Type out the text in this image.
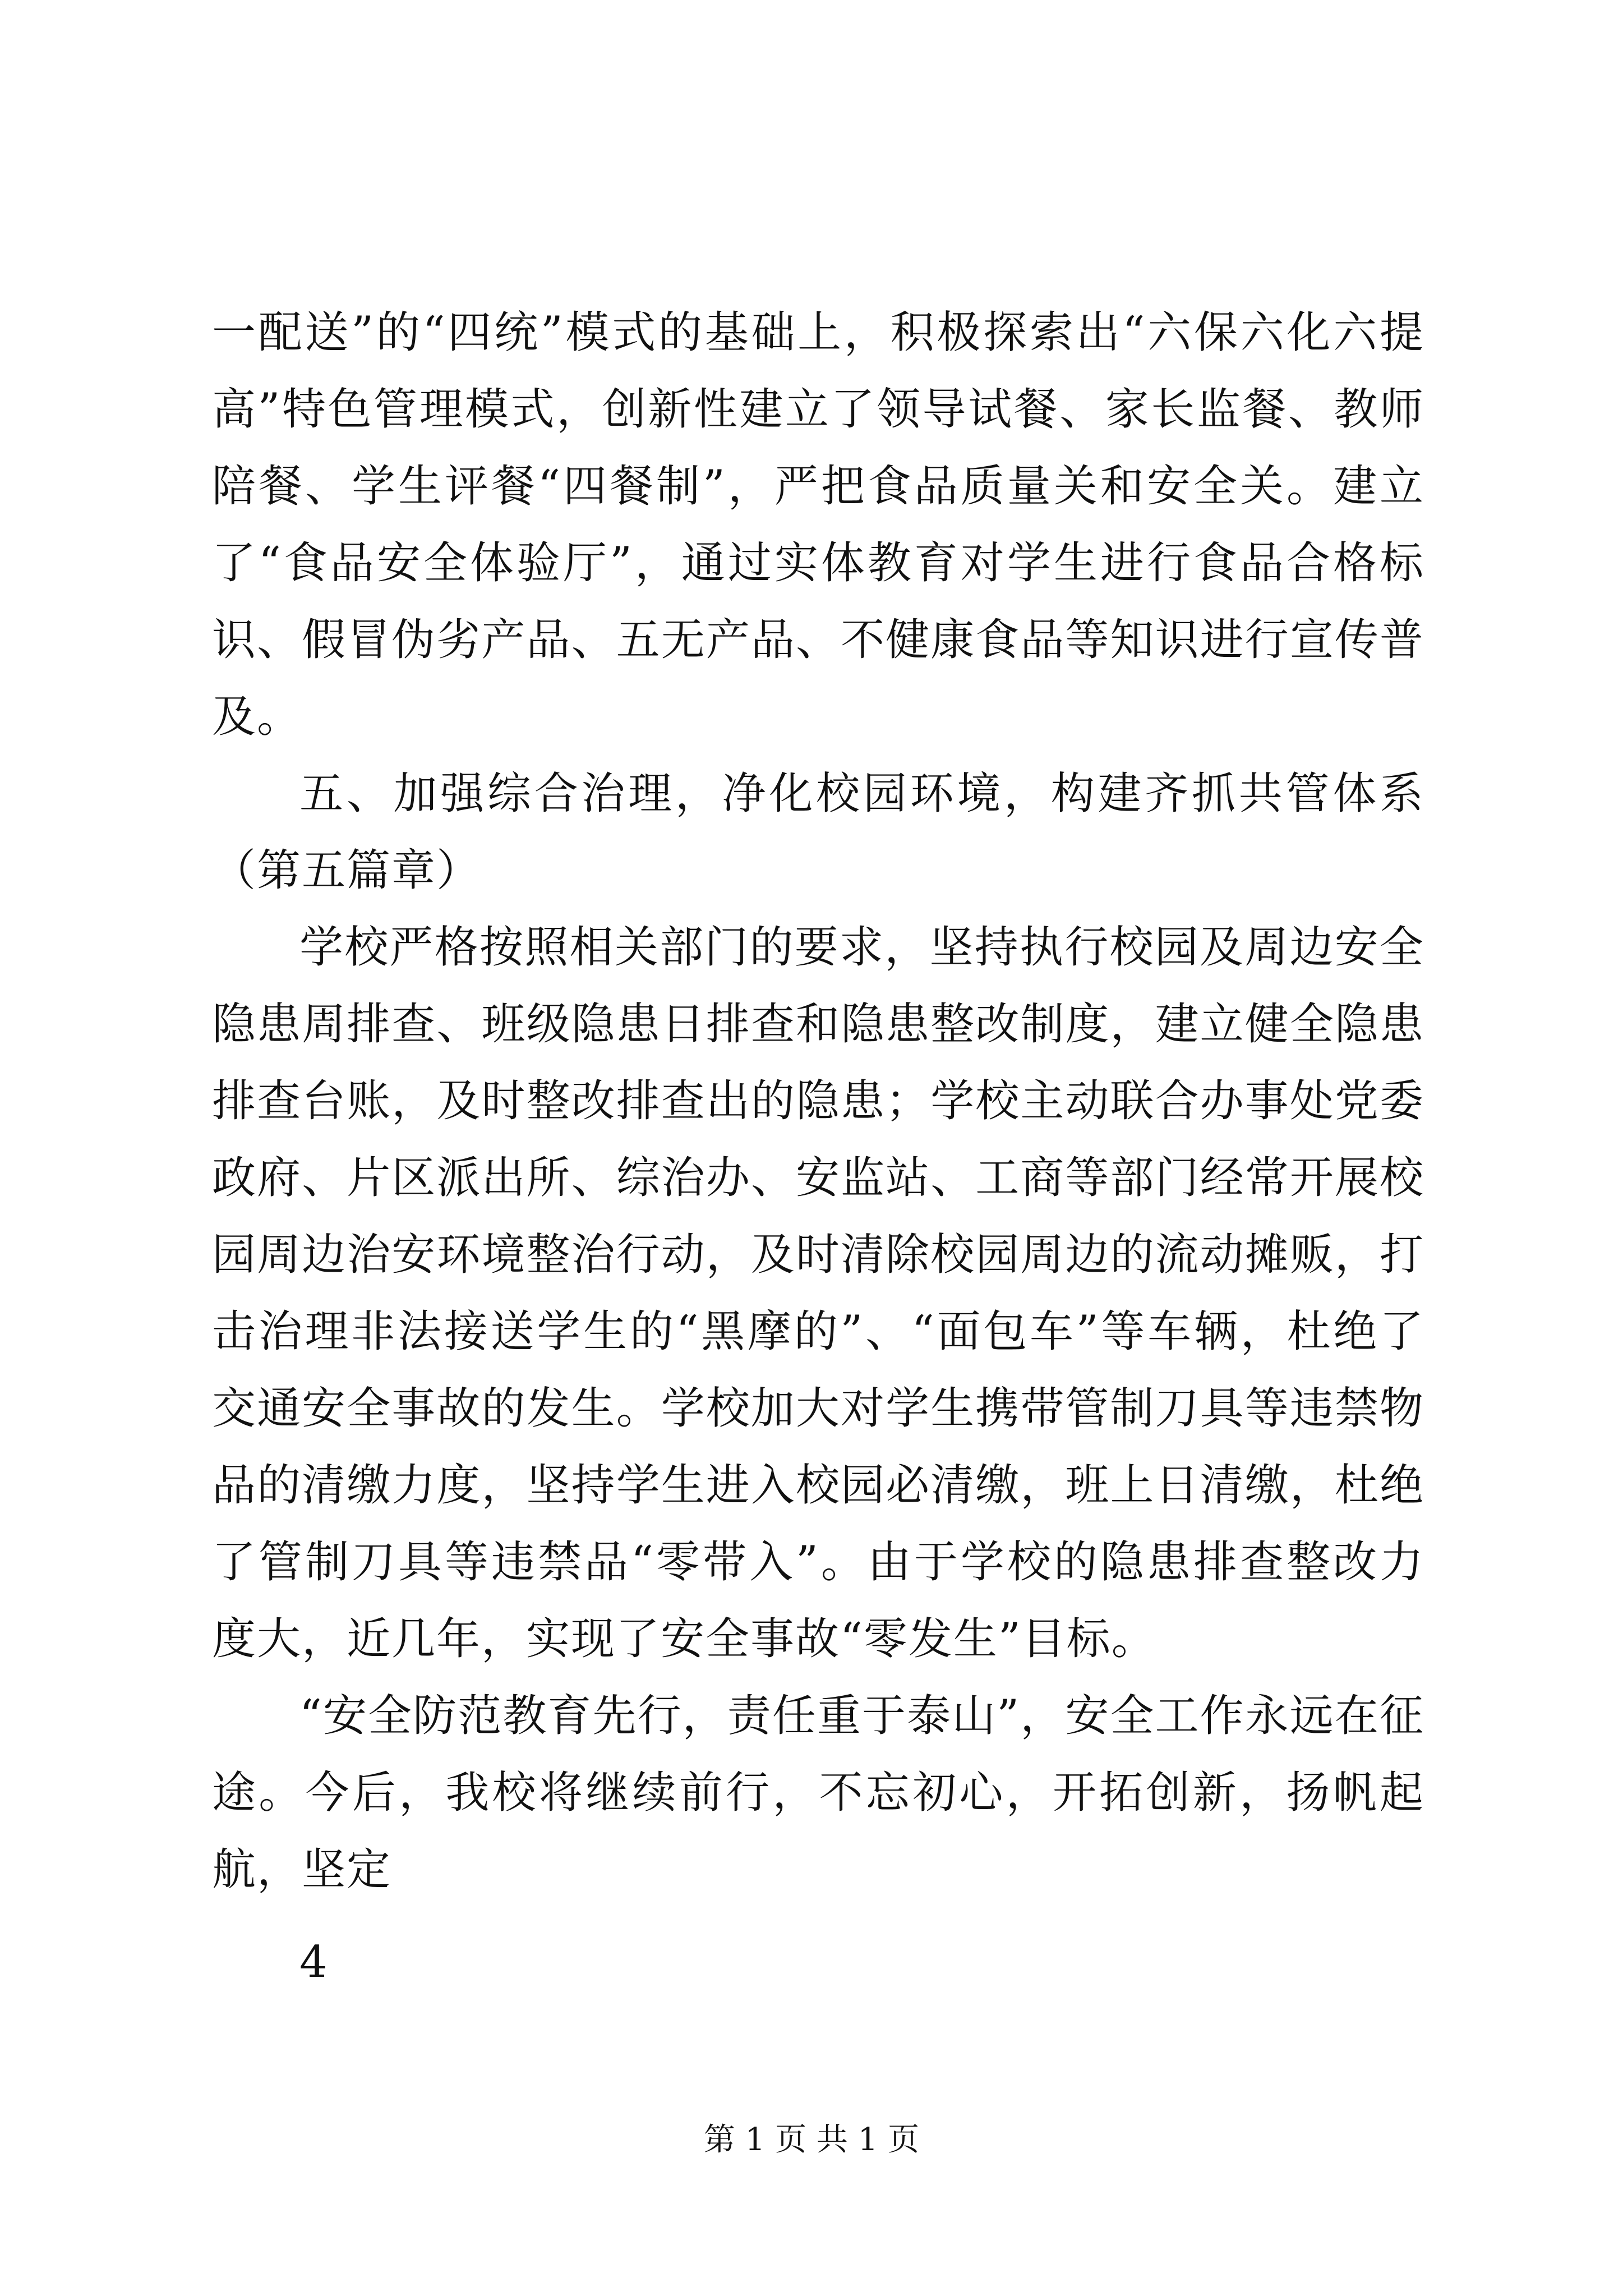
一配送”的“四统”模式的基础上，积极探索出“六保六化六提高”特色管理模式，创新性建立了领导试餐、家长监餐、教师陪餐、学生评餐“四餐制”，严把食品质量关和安全关。建立了“食品安全体验厅”，通过实体教育对学生进行食品合格标识、假冒伪劣产品、五无产品、不健康食品等知识进行宣传普及。

五、加强综合治理，净化校园环境，构建齐抓共管体系（第五篇章）

学校严格按照相关部门的要求，坚持执行校园及周边安全隐患周排查、班级隐患日排查和隐患整改制度，建立健全隐患排查台账，及时整改排查出的隐患；学校主动联合办事处党委政府、片区派出所、综治办、安监站、工商等部门经常开展校园周边治安环境整治行动，及时清除校园周边的流动摊贩，打击治理非法接送学生的“黑摩的”、“面包车”等车辆，杜绝了交通安全事故的发生。学校加大对学生携带管制刀具等违禁物品的清缴力度，坚持学生进入校园必清缴，班上日清缴，杜绝了管制刀具等违禁品“零带入”。由于学校的隐患排查整改力度大，近几年，实现了安全事故“零发生”目标。

“安全防范教育先行，责任重于泰山”，安全工作永远在征途。今后，我校将继续前行，不忘初心，开拓创新，扬帆起航，坚定

4

第 1 页 共 1 页
